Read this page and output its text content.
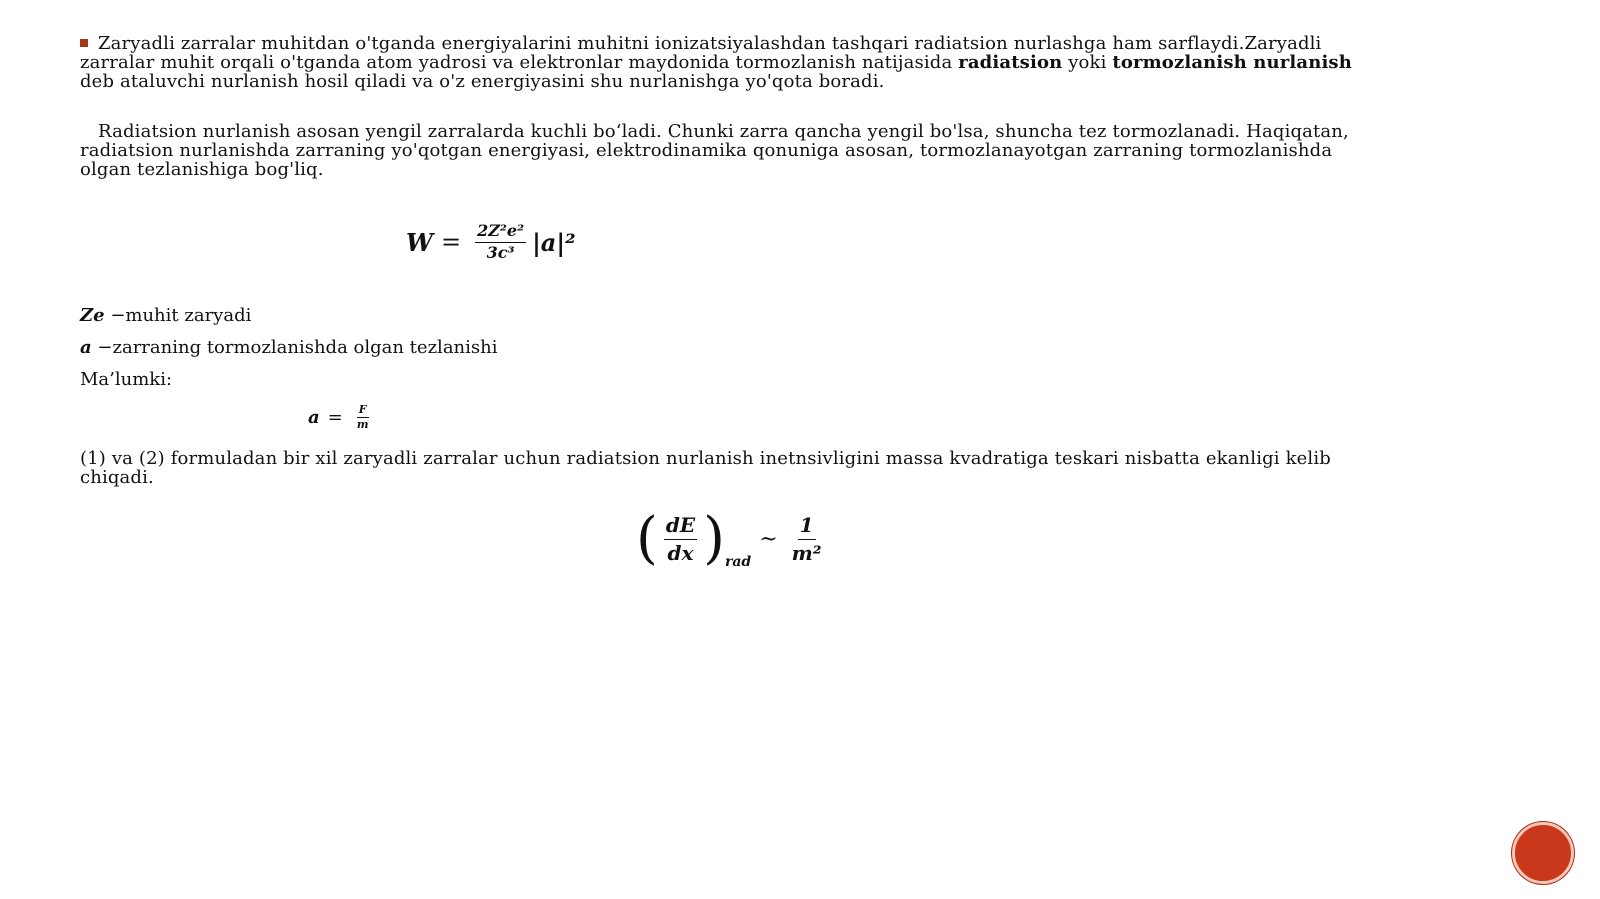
Zaryadli zarralar muhitdan o'tganda energiyalarini muhitni ionizatsiyalashdan tashqari radiatsion nurlashga ham sarflaydi.Zaryadli zarralar muhit orqali o'tganda atom yadrosi va elektronlar maydonida tormozlanish natijasida radiatsion yoki tormozlanish nurlanish deb ataluvchi nurlanish hosil qiladi va o'z energiyasini shu nurlanishga yo'qota boradi.
Radiatsion nurlanish asosan yengil zarralarda kuchli bo‘ladi. Chunki zarra qancha yengil bo'lsa, shuncha tez tormozlanadi. Haqiqatan, radiatsion nurlanishda zarraning yo'qotgan energiyasi, elektrodinamika qonuniga asosan, tormozlanayotgan zarraning tormozlanishda olgan tezlanishiga bog'liq.
$W = \frac{\text{2Z²e²}}{\text{3c³}} |a|^2$
Ze −muhit zaryadi
a −zarraning tormozlanishda olgan tezlanishi
Ma’lumki:
$a = \frac{F}{m}$
(1) va (2) formuladan bir xil zaryadli zarralar uchun radiatsion nurlanish inetnsivligini massa kvadratiga teskari nisbatta ekanligi kelib chiqadi.
( $\frac{dE}{dx}$ ) rad
~ $\frac{1}{\text{m²}}$
